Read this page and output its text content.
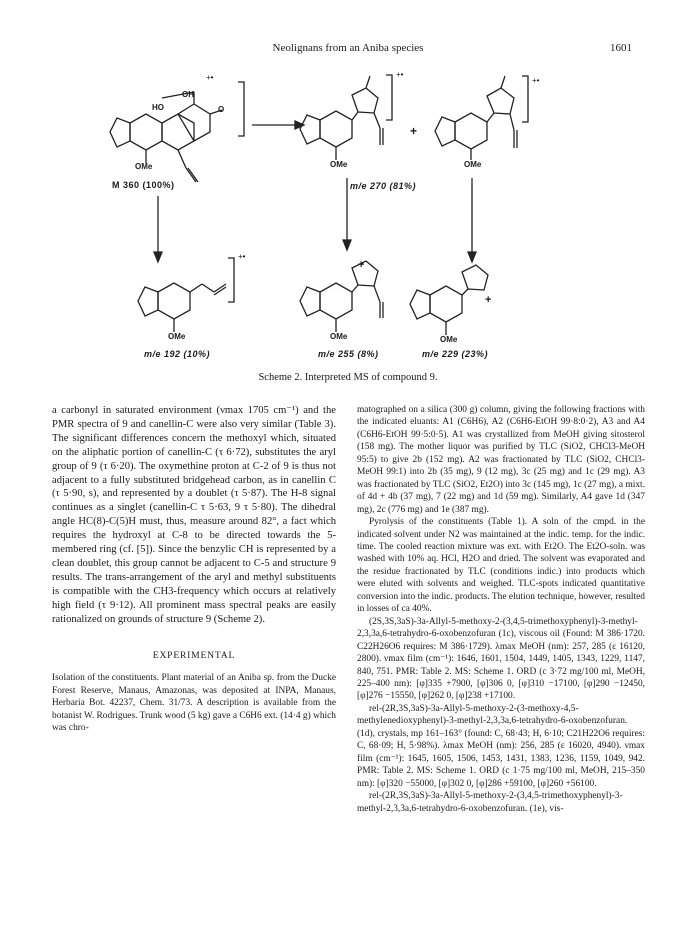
Neolignans from an Aniba species	1601
OH
+•
HO	O
OMe
M 360 (100%)
+•
OMe
+
+•
OMe
m/e 270 (81%)
+•
OMe
m/e 192 (10%)
+
OMe
m/e 255 (8%)
+
OMe
m/e 229 (23%)
Scheme 2. Interpreted MS of compound 9.

a carbonyl in saturated environment (νmax 1705 cm⁻¹) and the PMR spectra of 9 and canellin-C were also very similar (Table 3). The significant differences concern the methoxyl which, situated on the aliphatic portion of canellin-C (τ 6·72), substitutes the aryl group of 9 (τ 6·20). The oxymethine proton at C-2 of 9 is thus not adjacent to a fully substituted bridgehead carbon, as in canellin C (τ 5·90, s), and represented by a doublet (τ 5·87). The H-8 signal continues as a singlet (canellin-C τ 5·63, 9 τ 5·80). The dihedral angle HC(8)-C(5)H must, thus, measure around 82°, a fact which requires the hydroxyl at C-8 to be directed towards the 5-membered ring (cf. [5]). Since the benzylic CH is represented by a clean doublet, this group cannot be adjacent to C-5 and structure 9 results. The trans-arrangement of the aryl and methyl substituents is compatible with the CH3-frequency which occurs at relatively high field (τ 9·12). All prominent mass spectral peaks are easily rationalized on grounds of structure 9 (Scheme 2).

EXPERIMENTAL

Isolation of the constituents. Plant material of an Aniba sp. from the Ducke Forest Reserve, Manaus, Amazonas, was deposited at INPA, Manaus, Herbaria Bot. 42237, Chem. 31/73. A description is available from the botanist W. Rodrigues. Trunk wood (5 kg) gave a C6H6 ext. (14·4 g) which was chro-

matographed on a silica (300 g) column, giving the following fractions with the indicated eluants: A1 (C6H6), A2 (C6H6-EtOH 99·8:0·2), A3 and A4 (C6H6-EtOH 99·5:0·5). A1 was crystallized from MeOH giving sitosterol (158 mg). The mother liquor was purified by TLC (SiO2, CHCl3-MeOH 95:5) to give 2b (152 mg). A2 was fractionated by TLC (SiO2, CHCl3-MeOH 99:1) into 2b (35 mg), 9 (12 mg), 3c (25 mg) and 1c (29 mg). A3 was fractionated by TLC (SiO2, Et2O) into 3c (145 mg), 1c (27 mg), a mixt. of 4d + 4b (37 mg), 7 (22 mg) and 1d (59 mg). Similarly, A4 gave 1d (347 mg), 2c (776 mg) and 1e (387 mg).

Pyrolysis of the constituents (Table 1). A soln of the cmpd. in the indicated solvent under N2 was maintained at the indic. temp. for the indic. time. The cooled reaction mixture was ext. with Et2O. The Et2O-soln. was washed with 10% aq. HCl, H2O and dried. The solvent was evaporated and the residue fractionated by TLC (conditions indic.) into products which were eluted with solvents and weighed. TLC-spots indicated quantitative conversion into the indic. products. The elution technique, however, resulted in losses of ca 40%.

(2S,3S,3aS)-3a-Allyl-5-methoxy-2-(3,4,5-trimethoxyphenyl)-3-methyl-2,3,3a,6-tetrahydro-6-oxobenzofuran (1c), viscous oil (Found: M 386·1720. C22H26O6 requires: M 386·1729). λmax MeOH (nm): 257, 285 (ε 16120, 2800). νmax film (cm⁻¹): 1646, 1601, 1504, 1449, 1405, 1343, 1229, 1147, 840, 751. PMR: Table 2. MS: Scheme 1. ORD (c 3·72 mg/100 ml, MeOH, 225–400 nm): [φ]335 +7900, [φ]306 0, [φ]310 −17100, [φ]290 −12450, [φ]276 −15550, [φ]262 0, [φ]238 +17100.

rel-(2R,3S,3aS)-3a-Allyl-5-methoxy-2-(3-methoxy-4,5-methylenedioxyphenyl)-3-methyl-2,3,3a,6-tetrahydro-6-oxobenzofuran. (1d), crystals, mp 161–163° (found: C, 68·43; H, 6·10; C21H22O6 requires: C, 68·09; H, 5·98%). λmax MeOH (nm): 256, 285 (ε 16020, 4940). νmax film (cm⁻¹): 1645, 1605, 1506, 1453, 1431, 1383, 1236, 1159, 1049, 942. PMR: Table 2. MS: Scheme 1. ORD (c 1·75 mg/100 ml, MeOH, 215–350 nm): [φ]320 −55000, [φ]302 0, [φ]286 +59100, [φ]260 +56100.

rel-(2R,3S,3aS)-3a-Allyl-5-methoxy-2-(3,4,5-trimethoxyphenyl)-3-methyl-2,3,3a,6-tetrahydro-6-oxobenzofuran. (1e), vis-
